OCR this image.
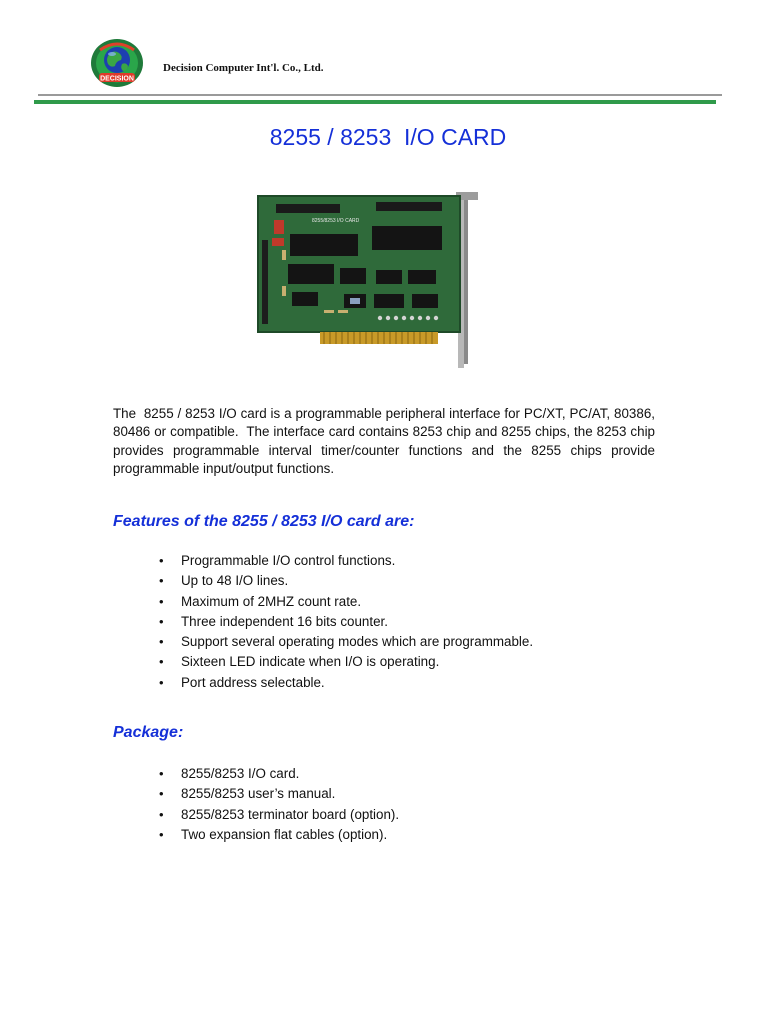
DECISION
Decision Computer Int'l. Co., Ltd.
8255 / 8253  I/O CARD
8255/8253 I/O CARD
The  8255 / 8253 I/O card is a programmable peripheral interface for PC/XT, PC/AT, 80386, 80486 or compatible.  The interface card contains 8253 chip and 8255 chips, the 8253 chip provides programmable interval timer/counter functions and the 8255 chips provide programmable input/output functions.
Features of the 8255 / 8253 I/O card are:
• Programmable I/O control functions.
• Up to 48 I/O lines.
• Maximum of 2MHZ count rate.
• Three independent 16 bits counter.
• Support several operating modes which are programmable.
• Sixteen LED indicate when I/O is operating.
• Port address selectable.
Package:
• 8255/8253 I/O card.
• 8255/8253 user’s manual.
• 8255/8253 terminator board (option).
• Two expansion flat cables (option).
